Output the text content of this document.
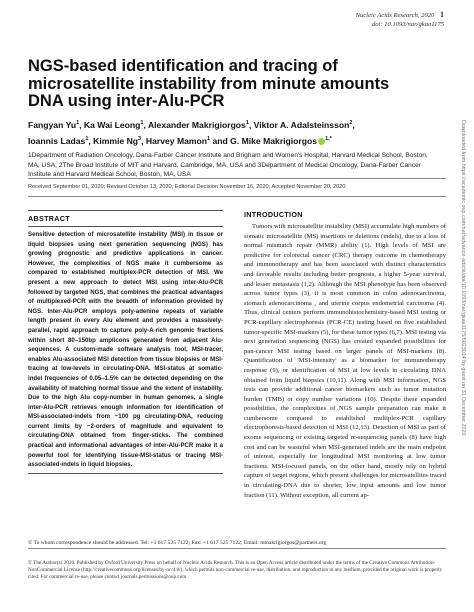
Nucleic Acids Research, 2020 1
doi: 10.1093/nar/gkaa1175
NGS-based identification and tracing of microsatellite instability from minute amounts DNA using inter-Alu-PCR
Fangyan Yu$^1$, Ka Wai Leong$^1$, Alexander Makrigiorgos$^1$, Viktor A. Adalsteinsson$^2$,
Ioannis Ladas$^1$, Kimmie Ng$^3$, Harvey Mamon$^1$ and G. Mike Makrigiorgos $^{1,*}$
1Department of Radiation Oncology, Dana-Farber Cancer Institute and Brigham and Women's Hospital, Harvard Medical School, Boston, MA, USA, 2The Broad Institute of MIT and Harvard, Cambridge, MA, USA and 3Department of Medical Oncology, Dana-Farber Cancer Institute and Harvard Medical School, Boston, MA, USA
Received September 01, 2020; Revised October 13, 2020; Editorial Decision November 16, 2020; Accepted November 20, 2020
ABSTRACT

Sensitive detection of microsatellite instability (MSI) in tissue or liquid biopsies using next generation sequencing (NGS) has growing prognostic and predictive applications in cancer. However, the complexities of NGS make it cumbersome as compared to established multiplex-PCR detection of MSI. We present a new approach to detect MSI using inter-Alu-PCR followed by targeted NGS, that combines the practical advantages of multiplexed-PCR with the breadth of information provided by NGS. Inter-Alu-PCR employs poly-adenine repeats of variable length present in every Alu element and provides a massively-parallel, rapid approach to capture poly-A-rich genomic fractions within short 80–150bp amplicons generated from adjacent Alu-sequences. A custom-made software analysis tool, MSI-tracer, enables Alu-associated MSI detection from tissue biopsies or MSI-tracing at low-levels in circulating-DNA. MSI-status at somatic-indel frequencies of 0.05–1.5% can be detected depending on the availability of matching normal tissue and the extent of instability. Due to the high Alu copy-number in human genomes, a single inter-Alu-PCR retrieves enough information for identification of MSI-associated-indels from ~100 pg circulating-DNA, reducing current limits by ~2-orders of magnitude and equivalent to circulating-DNA obtained from finger-sticks. The combined practical and informational advantages of inter-Alu-PCR make it a powerful tool for identifying tissue-MSI-status or tracing MSI-associated-indels in liquid biopsies.

INTRODUCTION

Tumors with microsatellite instability (MSI) accumulate high numbers of somatic microsatellite (MS) insertions or deletions (indels), due to a loss of normal mismatch repair (MMR) ability (1). High levels of MSI are predictive for colorectal cancer (CRC) therapy outcome in chemotherapy and immunotherapy and has been associated with distinct characteristics and favorable results including better prognosis, a higher 5-year survival, and lesser metastasis (1,2). Although the MSI phenotype has been observed across tumor types (3), it is most common in colon adenocarcinoma, stomach adenocarcinoma , and uterine corpus endometrial carcinoma (4). Thus, clinical centers perform immunohistochemistry-based MSI testing or PCR-capillary electrophoresis (PCR-CE) testing based on five established tumor-specific MSI-markers (5), for these tumor types (6,7). MSI testing via next generation sequencing (NGS) has created expanded possibilities for pan-cancer MSI testing based on larger panels of MSI-markers (8). Quantification of 'MSI-intensity' as a biomarker for immunotherapy response (9), or identification of MSI at low levels in circulating DNA obtained from liquid biopsies (10,11). Along with MSI information, NGS tests can provide additional cancer biomarkers such as tumor mutation burden (TMB) or copy number variations (10). Despite these expanded possibilities, the complexities of NGS sample preparation can make it cumbersome compared to established multiplex-PCR capillary electrophoresis-based detection of MSI (12,13). Detection of MSI as part of exome sequencing or existing targeted re-sequencing panels (8) have high cost and can be wasteful when MSI-generated indels are the main endpoint of interest, especially for longitudinal MSI monitoring at low tumor fractions. MSI-focused panels, on the other hand, mostly rely on hybrid capture of target regions, which present challenges for microsatellites traced in circulating-DNA due to shorter, low input amounts and low tumor fraction (11). Without exception, all current ap-

© To whom correspondence should be addressed. Tel: +1 617 525 7122; Fax: +1 617 525 7122; Email: mmakrigiorgos@partners.org
© The Author(s) 2020. Published by Oxford University Press on behalf of Nucleic Acids Research. This is an Open Access article distributed under the terms of the Creative Commons Attribution-NonCommercial License (http://creativecommons.org/licenses/by-nc/4.0/), which permits non-commercial re-use, distribution, and reproduction in any medium, provided the original work is properly cited. For commercial re-use, please contact journals.permissions@oup.com
Downloaded from https://academic.oup.com/nar/advance-article/doi/10.1093/nar/gkaa1175/6023014 by guest on 31 December 2020
